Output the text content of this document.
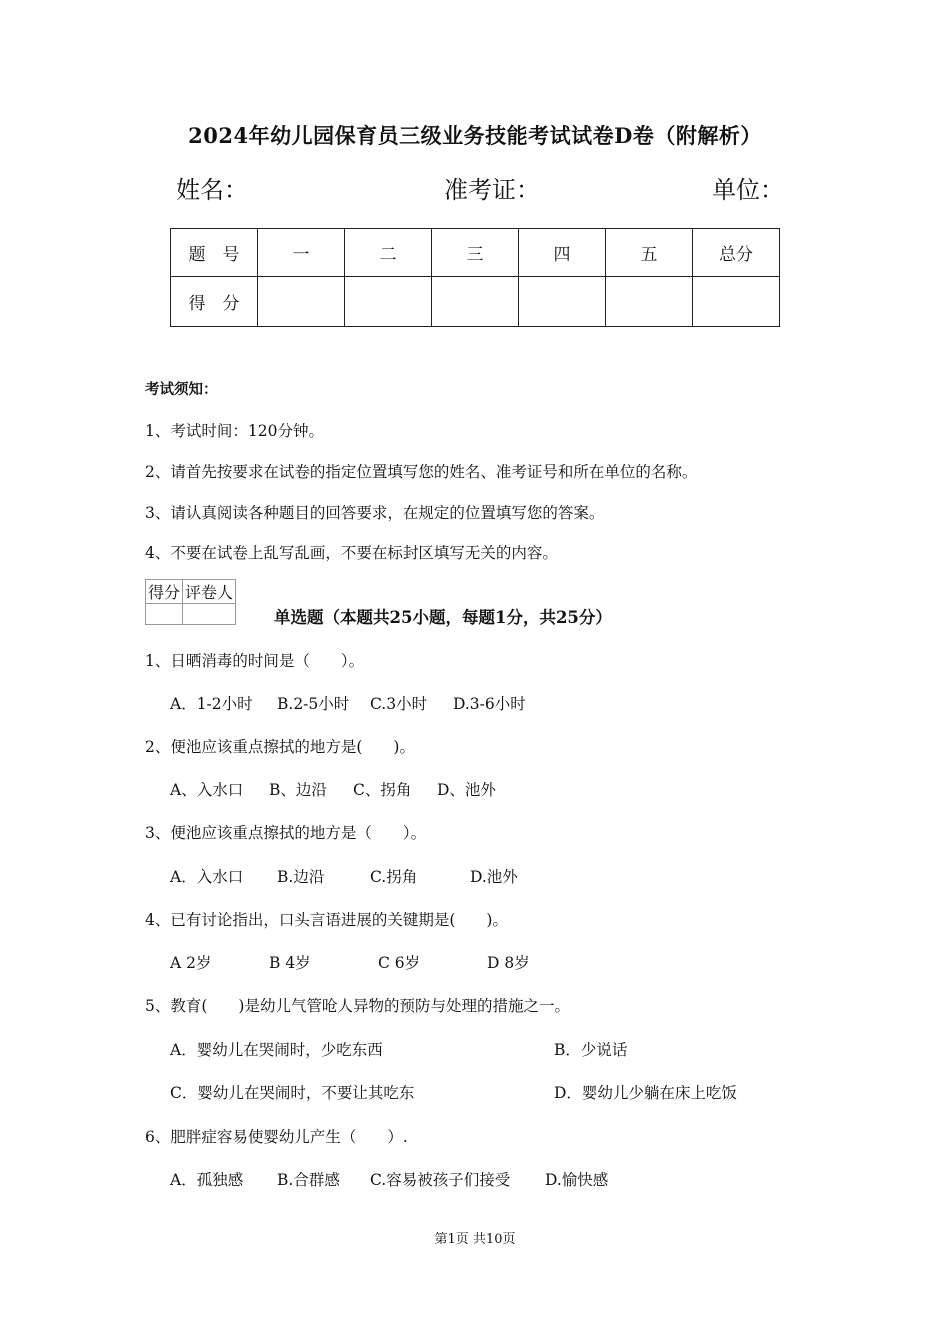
2024年幼儿园保育员三级业务技能考试试卷D卷（附解析）
姓名：	准考证：	单位：
题　号	一	二	三	四	五	总分
得　分						
考试须知：
1、考试时间：120分钟。
2、请首先按要求在试卷的指定位置填写您的姓名、准考证号和所在单位的名称。
3、请认真阅读各种题目的回答要求，在规定的位置填写您的答案。
4、不要在试卷上乱写乱画，不要在标封区填写无关的内容。
得分	评卷人

单选题（本题共25小题，每题1分，共25分）
1、日晒消毒的时间是（　　）。
A．1-2小时 B.2-5小时 C.3小时 D.3-6小时
2、便池应该重点擦拭的地方是(　　)。
A、入水口 B、边沿 C、拐角 D、池外
3、便池应该重点擦拭的地方是（　　）。
A．入水口 B.边沿	C.拐角	D.池外
4、已有讨论指出，口头言语进展的关键期是(　　)。
A 2岁	B 4岁	C 6岁	D 8岁
5、教育(　　)是幼儿气管呛人异物的预防与处理的措施之一。
A．婴幼儿在哭闹时，少吃东西	B．少说话
C．婴幼儿在哭闹时，不要让其吃东	D．婴幼儿少躺在床上吃饭
6、肥胖症容易使婴幼儿产生（　　）.
A．孤独感 B.合群感 C.容易被孩子们接受 D.愉快感
第1页 共10页
